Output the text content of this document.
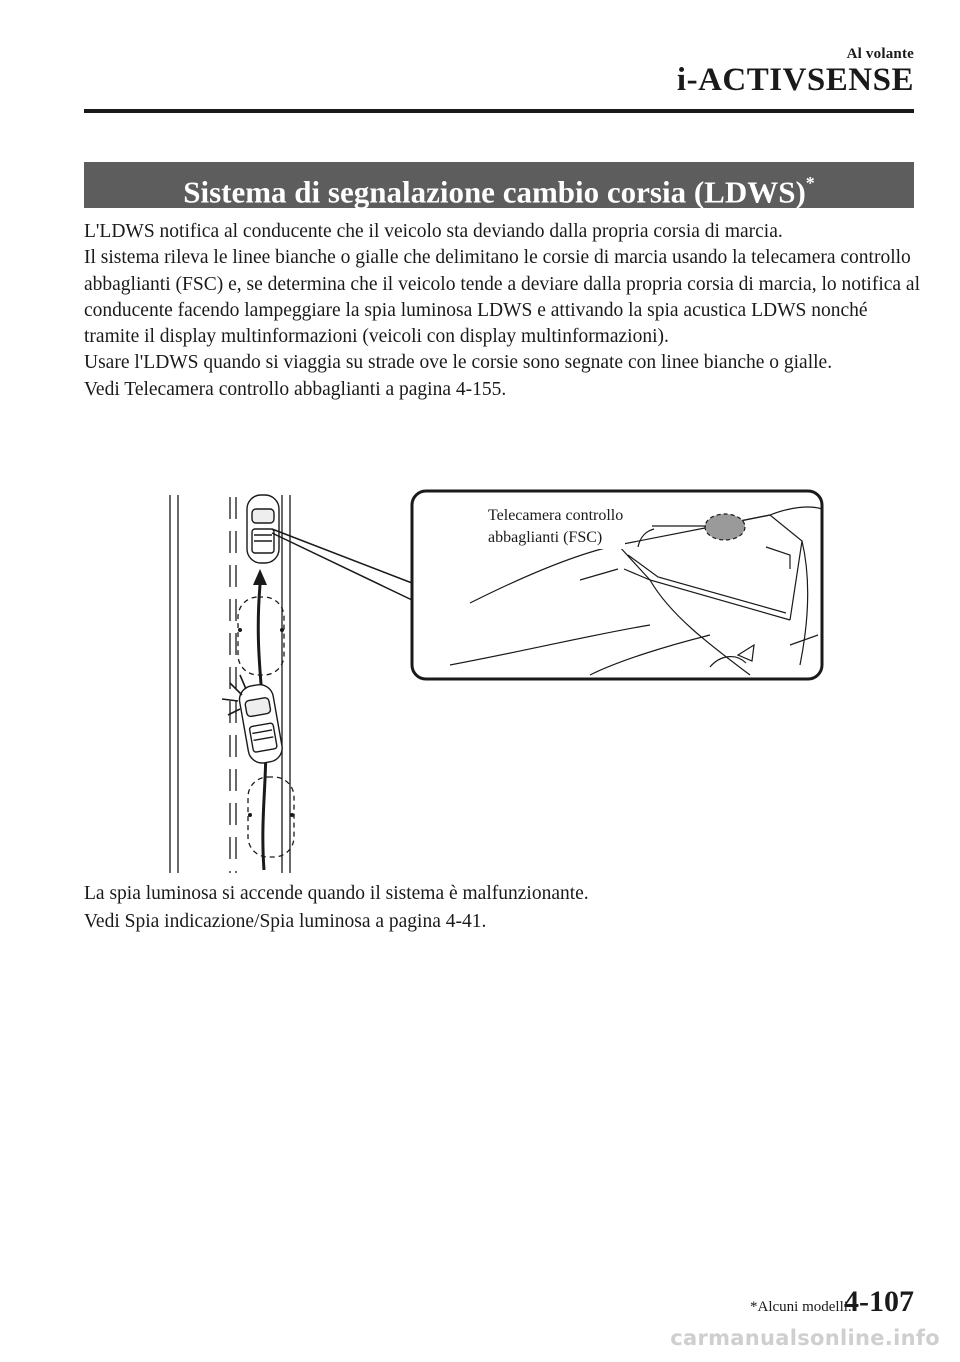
Al volante
i-ACTIVSENSE
Sistema di segnalazione cambio corsia (LDWS)*

L'LDWS notifica al conducente che il veicolo sta deviando dalla propria corsia di marcia.

Il sistema rileva le linee bianche o gialle che delimitano le corsie di marcia usando la telecamera controllo abbaglianti (FSC) e, se determina che il veicolo tende a deviare dalla propria corsia di marcia, lo notifica al conducente facendo lampeggiare la spia luminosa LDWS e attivando la spia acustica LDWS nonché tramite il display multinformazioni (veicoli con display multinformazioni).

Usare l'LDWS quando si viaggia su strade ove le corsie sono segnate con linee bianche o gialle.

Vedi Telecamera controllo abbaglianti a pagina 4-155.

Telecamera controllo
abbaglianti (FSC)

La spia luminosa si accende quando il sistema è malfunzionante.

Vedi Spia indicazione/Spia luminosa a pagina 4-41.

*Alcuni modelli.
4-107
carmanualsonline.info
